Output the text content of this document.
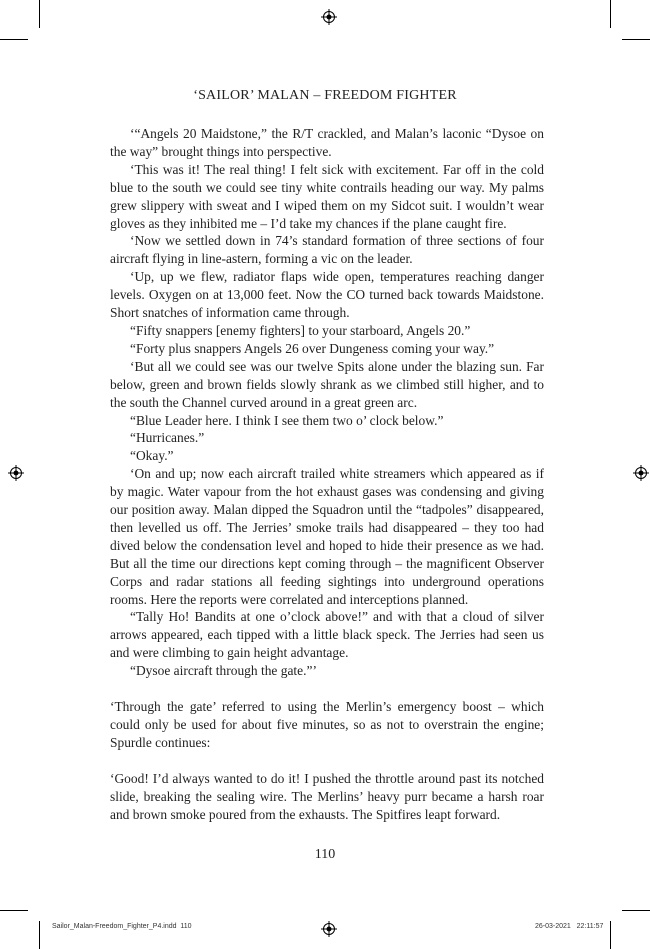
‘SAILOR’ MALAN – FREEDOM FIGHTER

‘“Angels 20 Maidstone,” the R/T crackled, and Malan’s laconic “Dysoe on the way” brought things into perspective.

‘This was it! The real thing! I felt sick with excitement. Far off in the cold blue to the south we could see tiny white contrails heading our way. My palms grew slippery with sweat and I wiped them on my Sidcot suit. I wouldn’t wear gloves as they inhibited me – I’d take my chances if the plane caught fire.

‘Now we settled down in 74’s standard formation of three sections of four aircraft flying in line-astern, forming a vic on the leader.

‘Up, up we flew, radiator flaps wide open, temperatures reaching danger levels. Oxygen on at 13,000 feet. Now the CO turned back towards Maidstone. Short snatches of information came through.

“Fifty snappers [enemy fighters] to your starboard, Angels 20.”

“Forty plus snappers Angels 26 over Dungeness coming your way.”

‘But all we could see was our twelve Spits alone under the blazing sun. Far below, green and brown fields slowly shrank as we climbed still higher, and to the south the Channel curved around in a great green arc.

“Blue Leader here. I think I see them two o’ clock below.”

“Hurricanes.”

“Okay.”

‘On and up; now each aircraft trailed white streamers which appeared as if by magic. Water vapour from the hot exhaust gases was condensing and giving our position away. Malan dipped the Squadron until the “tadpoles” disappeared, then levelled us off. The Jerries’ smoke trails had disappeared – they too had dived below the condensation level and hoped to hide their presence as we had. But all the time our directions kept coming through – the magnificent Observer Corps and radar stations all feeding sightings into underground operations rooms. Here the reports were correlated and interceptions planned.

“Tally Ho! Bandits at one o’clock above!” and with that a cloud of silver arrows appeared, each tipped with a little black speck. The Jerries had seen us and were climbing to gain height advantage.

“Dysoe aircraft through the gate.”’

‘Through the gate’ referred to using the Merlin’s emergency boost – which could only be used for about five minutes, so as not to overstrain the engine; Spurdle continues:

‘Good! I’d always wanted to do it! I pushed the throttle around past its notched slide, breaking the sealing wire. The Merlins’ heavy purr became a harsh roar and brown smoke poured from the exhausts. The Spitfires leapt forward.

110
Sailor_Malan-Freedom_Fighter_P4.indd 110	26-03-2021 22:11:57
